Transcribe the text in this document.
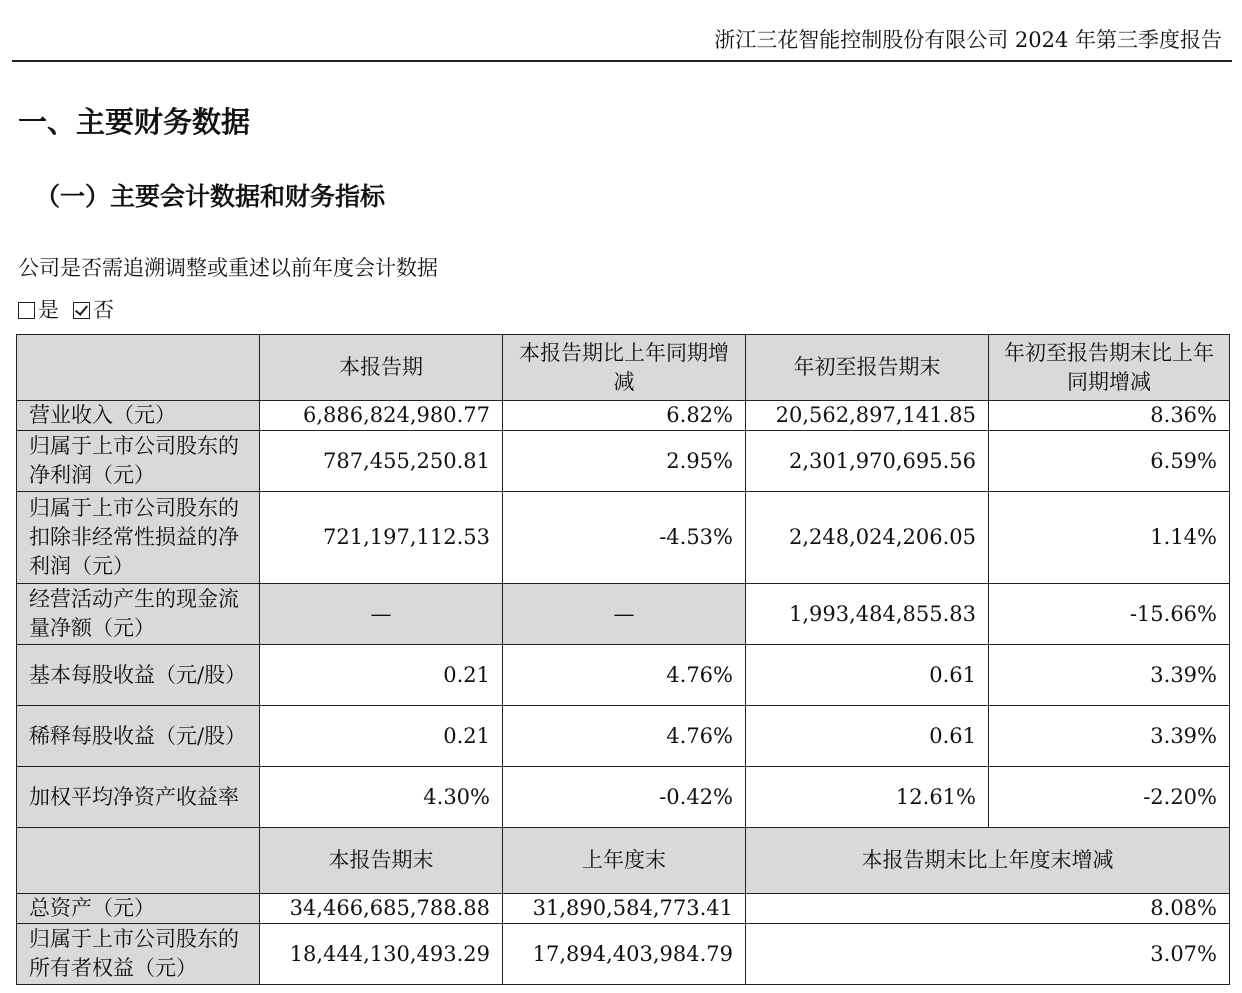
浙江三花智能控制股份有限公司 2024 年第三季度报告
一、主要财务数据
（一）主要会计数据和财务指标
公司是否需追溯调整或重述以前年度会计数据
是 否
	本报告期	本报告期比上年同期增减	年初至报告期末	年初至报告期末比上年同期增减
营业收入（元）	6,886,824,980.77	6.82%	20,562,897,141.85	8.36%
归属于上市公司股东的净利润（元）	787,455,250.81	2.95%	2,301,970,695.56	6.59%
归属于上市公司股东的扣除非经常性损益的净利润（元）	721,197,112.53	-4.53%	2,248,024,206.05	1.14%
经营活动产生的现金流量净额（元）	—	—	1,993,484,855.83	-15.66%
基本每股收益（元/股）	0.21	4.76%	0.61	3.39%
稀释每股收益（元/股）	0.21	4.76%	0.61	3.39%
加权平均净资产收益率	4.30%	-0.42%	12.61%	-2.20%
	本报告期末	上年度末	本报告期末比上年度末增减	
总资产（元）	34,466,685,788.88	31,890,584,773.41	8.08%	
归属于上市公司股东的所有者权益（元）	18,444,130,493.29	17,894,403,984.79	3.07%	
